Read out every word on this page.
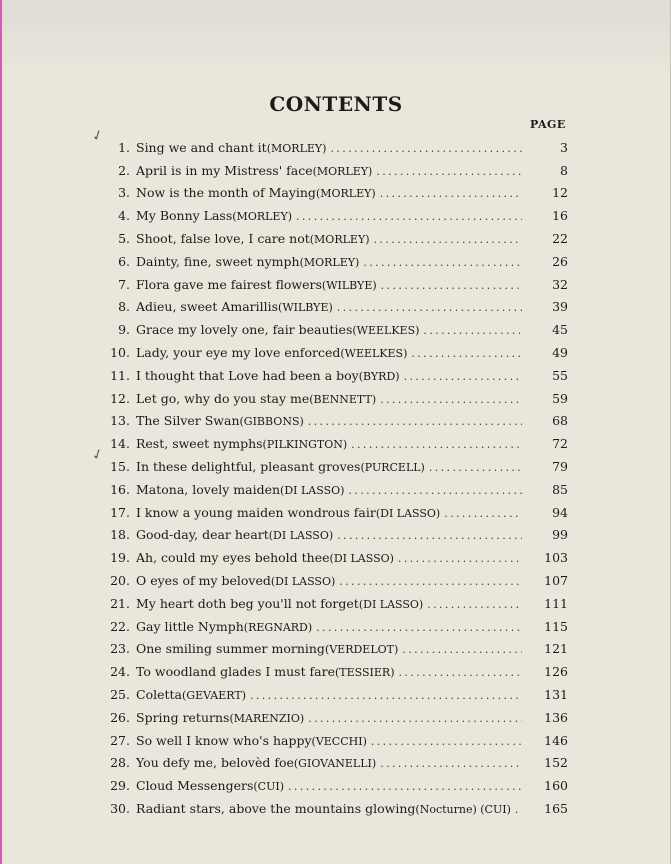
CONTENTS
PAGE
✓
1. Sing we and chant it (MORLEY) .....	3
2. April is in my Mistress' face (MORLEY) .....	8
3. Now is the month of Maying (MORLEY) .....	12
4. My Bonny Lass (MORLEY) .....	16
5. Shoot, false love, I care not (MORLEY) .....	22
6. Dainty, fine, sweet nymph (MORLEY) .....	26
7. Flora gave me fairest flowers (WILBYE) .....	32
8. Adieu, sweet Amarillis (WILBYE) .....	39
9. Grace my lovely one, fair beauties (WEELKES) .....	45
10. Lady, your eye my love enforced (WEELKES) .....	49
11. I thought that Love had been a boy (BYRD) .....	55
12. Let go, why do you stay me (BENNETT) .....	59
13. The Silver Swan (GIBBONS) .....	68
14. Rest, sweet nymphs (PILKINGTON) .....	72
✓
15. In these delightful, pleasant groves (PURCELL) .....	79
16. Matona, lovely maiden (DI LASSO) .....	85
17. I know a young maiden wondrous fair (DI LASSO) .....	94
18. Good-day, dear heart (DI LASSO) .....	99
19. Ah, could my eyes behold thee (DI LASSO) .....	103
20. O eyes of my beloved (DI LASSO) .....	107
21. My heart doth beg you'll not forget (DI LASSO) .....	111
22. Gay little Nymph (REGNARD) .....	115
23. One smiling summer morning (VERDELOT) .....	121
24. To woodland glades I must fare (TESSIER) .....	126
25. Coletta (GEVAERT) .....	131
26. Spring returns (MARENZIO) .....	136
27. So well I know who's happy (VECCHI) .....	146
28. You defy me, belovèd foe (GIOVANELLI) .....	152
29. Cloud Messengers (CUI) .....	160
30. Radiant stars, above the mountains glowing (Nocturne) (CUI) .....	165
